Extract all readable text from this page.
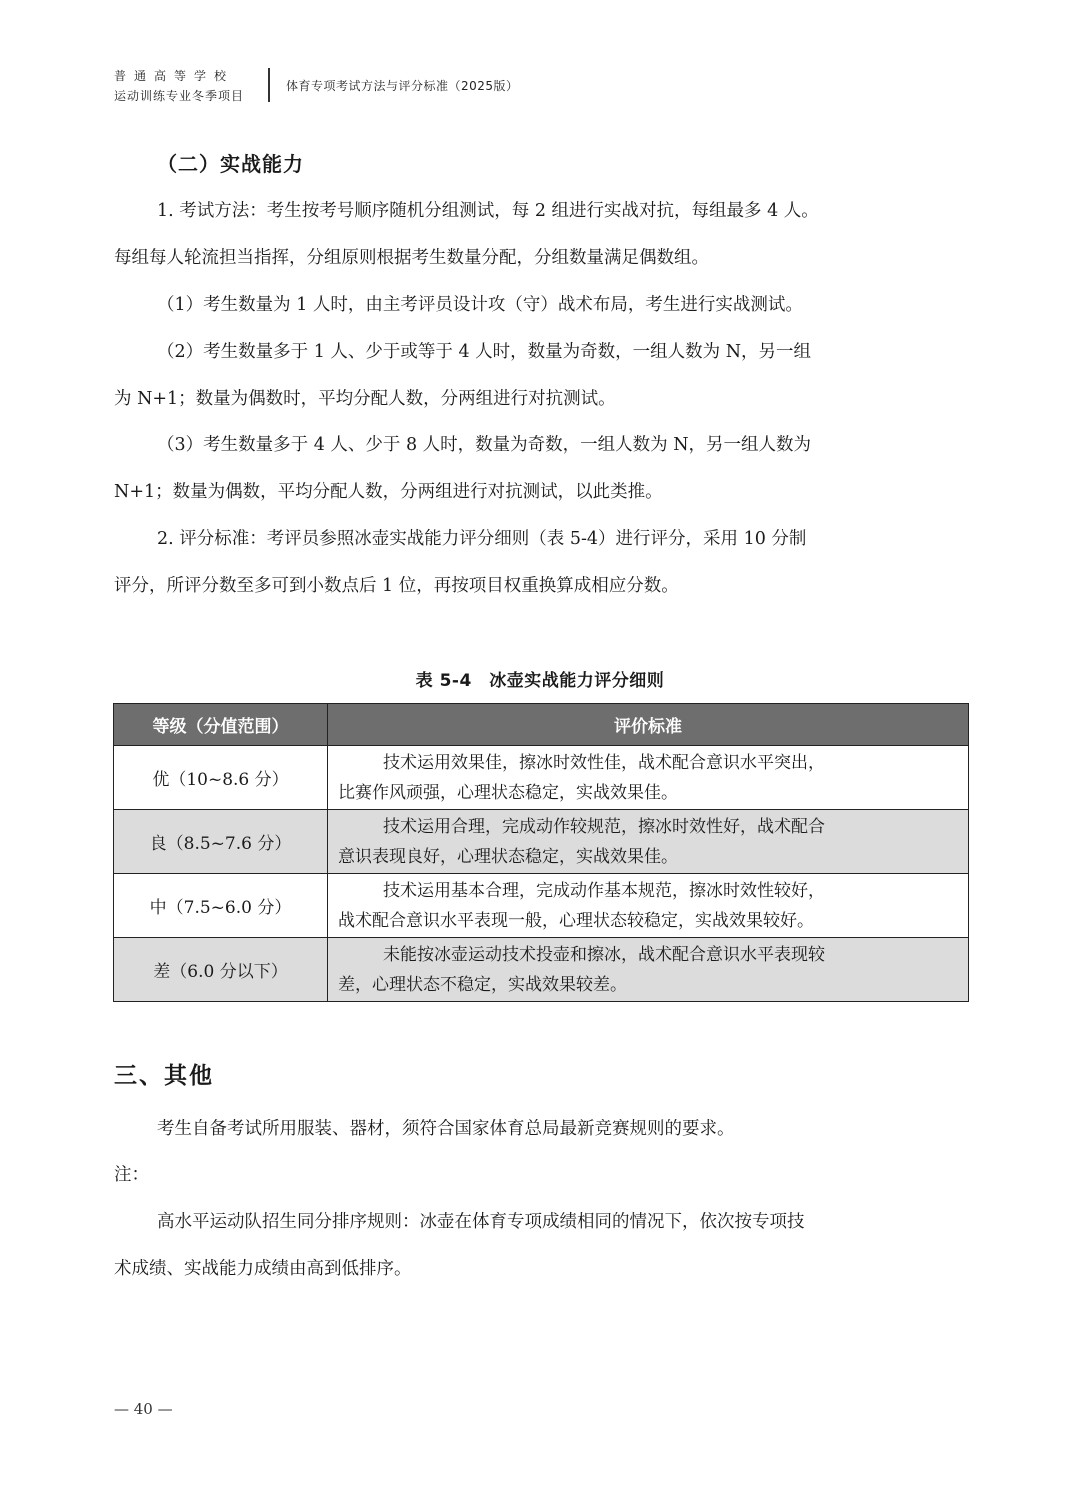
普通高等学校
运动训练专业冬季项目
体育专项考试方法与评分标准（2025版）
（二）实战能力
1. 考试方法：考生按考号顺序随机分组测试，每 2 组进行实战对抗，每组最多 4 人。
每组每人轮流担当指挥，分组原则根据考生数量分配，分组数量满足偶数组。
（1）考生数量为 1 人时，由主考评员设计攻（守）战术布局，考生进行实战测试。
（2）考生数量多于 1 人、少于或等于 4 人时，数量为奇数，一组人数为 N，另一组
为 N+1；数量为偶数时，平均分配人数，分两组进行对抗测试。
（3）考生数量多于 4 人、少于 8 人时，数量为奇数，一组人数为 N，另一组人数为
N+1；数量为偶数，平均分配人数，分两组进行对抗测试，以此类推。
2. 评分标准：考评员参照冰壶实战能力评分细则（表 5-4）进行评分，采用 10 分制
评分，所评分数至多可到小数点后 1 位，再按项目权重换算成相应分数。
表 5-4　冰壶实战能力评分细则
等级（分值范围）	评价标准
优（10~8.6 分）	技术运用效果佳，擦冰时效性佳，战术配合意识水平突出，
比赛作风顽强，心理状态稳定，实战效果佳。

良（8.5~7.6 分）	技术运用合理，完成动作较规范，擦冰时效性好，战术配合
意识表现良好，心理状态稳定，实战效果佳。

中（7.5~6.0 分）	技术运用基本合理，完成动作基本规范，擦冰时效性较好，
战术配合意识水平表现一般，心理状态较稳定，实战效果较好。

差（6.0 分以下）	未能按冰壶运动技术投壶和擦冰，战术配合意识水平表现较
差，心理状态不稳定，实战效果较差。
三、其他
考生自备考试所用服装、器材，须符合国家体育总局最新竞赛规则的要求。
注：
高水平运动队招生同分排序规则：冰壶在体育专项成绩相同的情况下，依次按专项技
术成绩、实战能力成绩由高到低排序。
— 40 —
